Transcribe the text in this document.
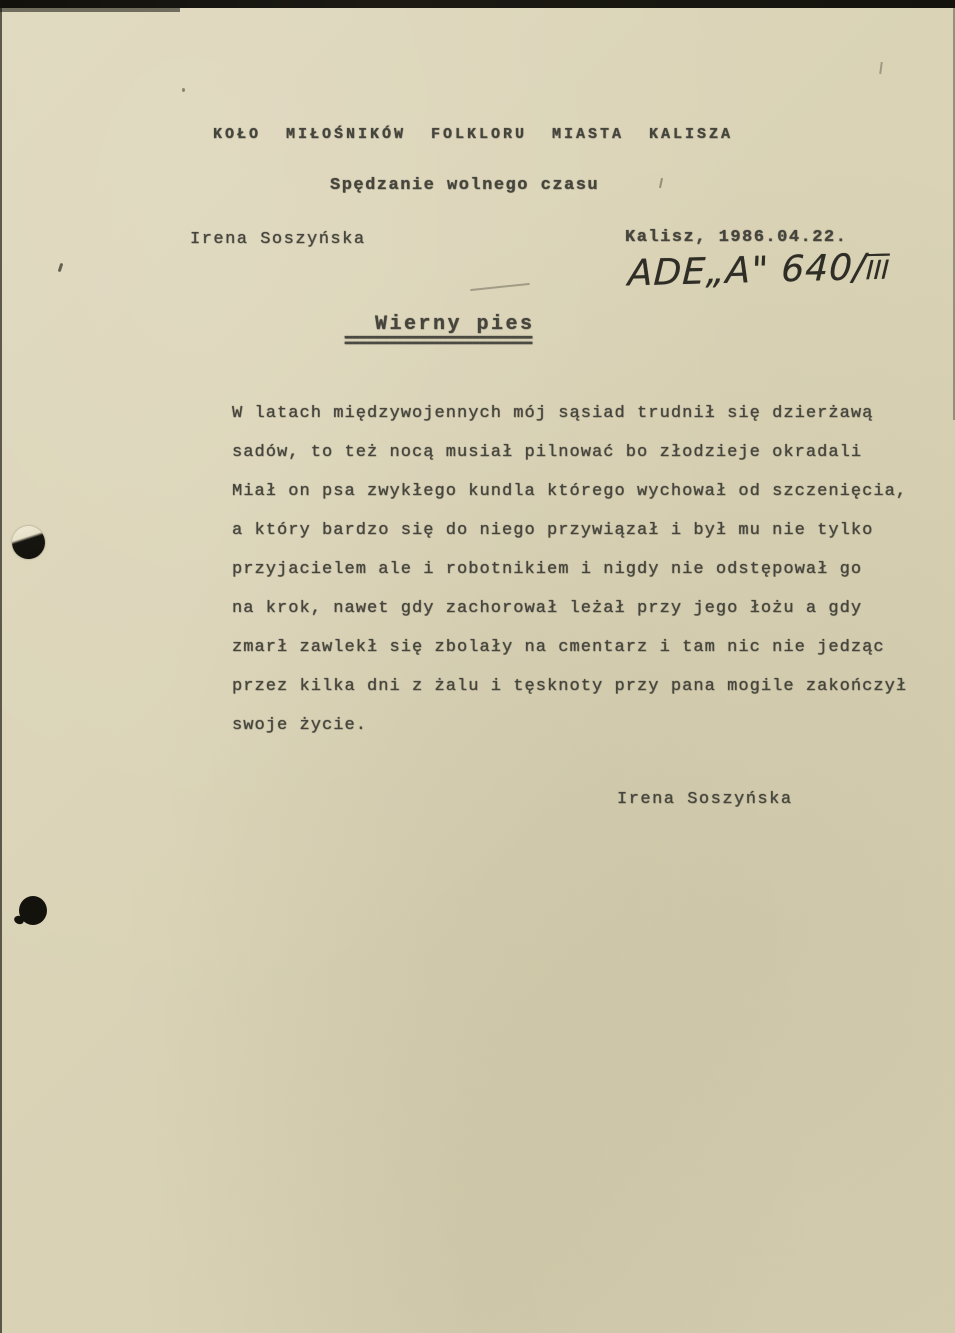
KOŁO MIŁOŚNIKÓW FOLKLORU MIASTA KALISZA
Spędzanie wolnego czasu
Irena Soszyńska	Kalisz, 1986.04.22.
ADE„A" $640/\overline{III}$
Wierny pies
=========================
W latach międzywojennych mój sąsiad trudnił się dzierżawą
sadów, to też nocą musiał pilnować bo złodzieje okradali
Miał on psa zwykłego kundla którego wychował od szczenięcia,
a który bardzo się do niego przywiązał i był mu nie tylko
przyjacielem ale i robotnikiem i nigdy nie odstępował go
na krok, nawet gdy zachorował leżał przy jego łożu a gdy
zmarł zawlekł się zbolały na cmentarz i tam nic nie jedząc
przez kilka dni z żalu i tęsknoty przy pana mogile zakończył
swoje życie.
Irena Soszyńska
